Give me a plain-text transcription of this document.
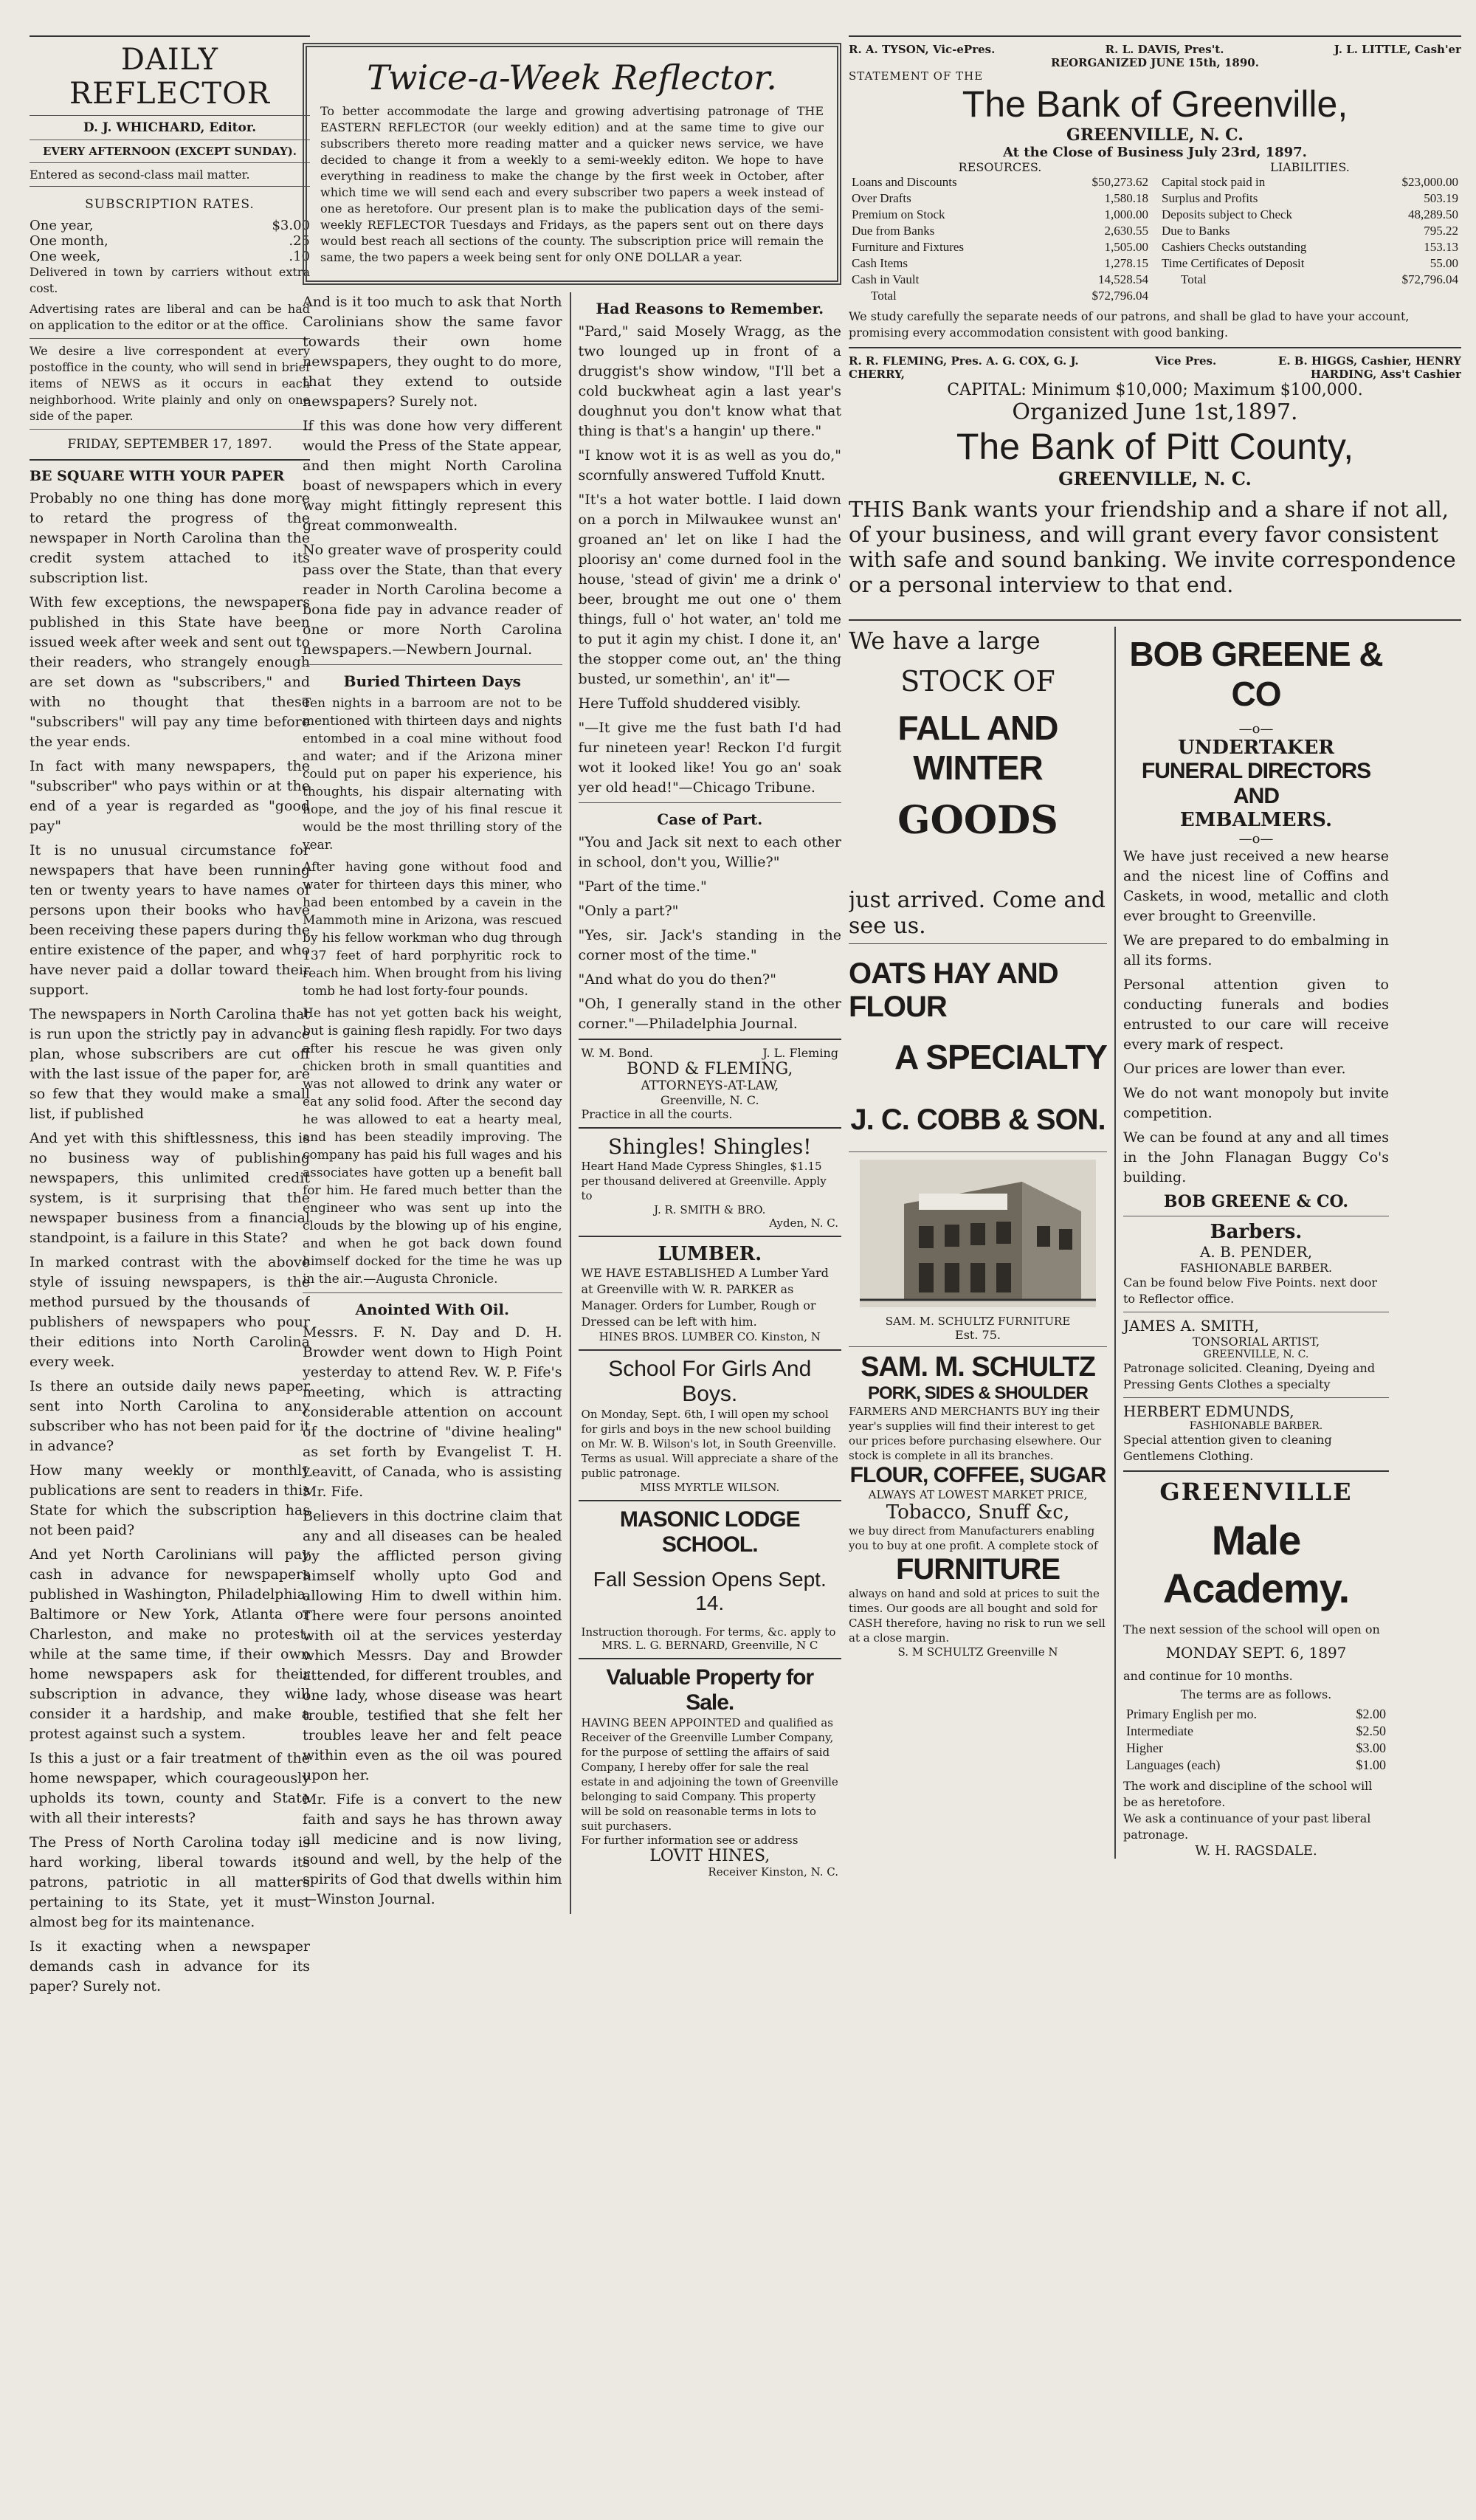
DAILY REFLECTOR
D. J. WHICHARD, Editor.
EVERY AFTERNOON (EXCEPT SUNDAY).
Entered as second-class mail matter.
SUBSCRIPTION RATES.
One year,	$3.00
One month,	.25
One week,	.10

Delivered in town by carriers without extra cost.

Advertising rates are liberal and can be had on application to the editor or at the office.

We desire a live correspondent at every postoffice in the county, who will send in brief items of NEWS as it occurs in each neighborhood. Write plainly and only on one side of the paper.

FRIDAY, SEPTEMBER 17, 1897.
BE SQUARE WITH YOUR PAPER

Probably no one thing has done more to retard the progress of the newspaper in North Carolina than the credit system attached to its subscription list.

With few exceptions, the newspapers published in this State have been issued week after week and sent out to their readers, who strangely enough are set down as "subscribers," and with no thought that these "subscribers" will pay any time before the year ends.

In fact with many newspapers, the "subscriber" who pays within or at the end of a year is regarded as "good pay"

It is no unusual circumstance for newspapers that have been running ten or twenty years to have names of persons upon their books who have been receiving these papers during the entire existence of the paper, and who have never paid a dollar toward their support.

The newspapers in North Carolina that is run upon the strictly pay in advance plan, whose subscribers are cut off with the last issue of the paper for, are so few that they would make a small list, if published

And yet with this shiftlessness, this is no business way of publishing newspapers, this unlimited credit system, is it surprising that the newspaper business from a financial standpoint, is a failure in this State?

In marked contrast with the above style of issuing newspapers, is the method pursued by the thousands of publishers of newspapers who pour their editions into North Carolina every week.

Is there an outside daily news paper sent into North Carolina to any subscriber who has not been paid for it in advance?

How many weekly or monthly publications are sent to readers in this State for which the subscription has not been paid?

And yet North Carolinians will pay cash in advance for newspapers published in Washington, Philadelphia, Baltimore or New York, Atlanta or Charleston, and make no protest, while at the same time, if their own home newspapers ask for their subscription in advance, they will consider it a hardship, and make a protest against such a system.

Is this a just or a fair treatment of the home newspaper, which courageously upholds its town, county and State with all their interests?

The Press of North Carolina today is hard working, liberal towards its patrons, patriotic in all matters pertaining to its State, yet it must almost beg for its maintenance.

Is it exacting when a newspaper demands cash in advance for its paper? Surely not.

Twice-a-Week Reflector.

To better accommodate the large and growing advertising patronage of THE EASTERN REFLECTOR (our weekly edition) and at the same time to give our subscribers thereto more reading matter and a quicker news service, we have decided to change it from a weekly to a semi-weekly editon. We hope to have everything in readiness to make the change by the first week in October, after which time we will send each and every subscriber two papers a week instead of one as heretofore. Our present plan is to make the publication days of the semi-weekly REFLECTOR Tuesdays and Fridays, as the papers sent out on there days would best reach all sections of the county. The subscription price will remain the same, the two papers a week being sent for only ONE DOLLAR a year.

And is it too much to ask that North Carolinians show the same favor towards their own home newspapers, they ought to do more, that they extend to outside newspapers? Surely not.

If this was done how very different would the Press of the State appear, and then might North Carolina boast of newspapers which in every way might fittingly represent this great commonwealth.

No greater wave of prosperity could pass over the State, than that every reader in North Carolina become a bona fide pay in advance reader of one or more North Carolina newspapers.—Newbern Journal.

Buried Thirteen Days

Ten nights in a barroom are not to be mentioned with thirteen days and nights entombed in a coal mine without food and water; and if the Arizona miner could put on paper his experience, his thoughts, his dispair alternating with hope, and the joy of his final rescue it would be the most thrilling story of the year.

After having gone without food and water for thirteen days this miner, who had been entombed by a cavein in the Mammoth mine in Arizona, was rescued by his fellow workman who dug through 137 feet of hard porphyritic rock to reach him. When brought from his living tomb he had lost forty-four pounds.

He has not yet gotten back his weight, but is gaining flesh rapidly. For two days after his rescue he was given only chicken broth in small quantities and was not allowed to drink any water or eat any solid food. After the second day he was allowed to eat a hearty meal, and has been steadily improving. The company has paid his full wages and his associates have gotten up a benefit ball for him. He fared much better than the engineer who was sent up into the clouds by the blowing up of his engine, and when he got back down found himself docked for the time he was up in the air.—Augusta Chronicle.

Anointed With Oil.

Messrs. F. N. Day and D. H. Browder went down to High Point yesterday to attend Rev. W. P. Fife's meeting, which is attracting considerable attention on account of the doctrine of "divine healing" as set forth by Evangelist T. H. Leavitt, of Canada, who is assisting Mr. Fife.

Believers in this doctrine claim that any and all diseases can be healed by the afflicted person giving himself wholly upto God and allowing Him to dwell within him. There were four persons anointed with oil at the services yesterday which Messrs. Day and Browder attended, for different troubles, and one lady, whose disease was heart trouble, testified that she felt her troubles leave her and felt peace within even as the oil was poured upon her.

Mr. Fife is a convert to the new faith and says he has thrown away all medicine and is now living, sound and well, by the help of the spirits of God that dwells within him—Winston Journal.

Had Reasons to Remember.

"Pard," said Mosely Wragg, as the two lounged up in front of a druggist's show window, "I'll bet a cold buckwheat agin a last year's doughnut you don't know what that thing is that's a hangin' up there."

"I know wot it is as well as you do," scornfully answered Tuffold Knutt.

"It's a hot water bottle. I laid down on a porch in Milwaukee wunst an' groaned an' let on like I had the ploorisy an' come durned fool in the house, 'stead of givin' me a drink o' beer, brought me out one o' them things, full o' hot water, an' told me to put it agin my chist. I done it, an' the stopper come out, an' the thing busted, ur somethin', an' it"—

Here Tuffold shuddered visibly.

"—It give me the fust bath I'd had fur nineteen year! Reckon I'd furgit wot it looked like! You go an' soak yer old head!"—Chicago Tribune.

Case of Part.

"You and Jack sit next to each other in school, don't you, Willie?"

"Part of the time."

"Only a part?"

"Yes, sir. Jack's standing in the corner most of the time."

"And what do you do then?"

"Oh, I generally stand in the other corner."—Philadelphia Journal.

W. M. Bond.	J. L. Fleming
BOND & FLEMING,
ATTORNEYS-AT-LAW,
Greenville, N. C.
Practice in all the courts.
Shingles! Shingles!
Heart Hand Made Cypress Shingles, $1.15 per thousand delivered at Greenville. Apply to
J. R. SMITH & BRO.
Ayden, N. C.
LUMBER.
WE HAVE ESTABLISHED A Lumber Yard at Greenville with W. R. PARKER as Manager. Orders for Lumber, Rough or Dressed can be left with him.
HINES BROS. LUMBER CO. Kinston, N
School For Girls And Boys.
On Monday, Sept. 6th, I will open my school for girls and boys in the new school building on Mr. W. B. Wilson's lot, in South Greenville. Terms as usual. Will appreciate a share of the public patronage.
MISS MYRTLE WILSON.
MASONIC LODGE SCHOOL.
Fall Session Opens Sept. 14.
Instruction thorough. For terms, &c. apply to
MRS. L. G. BERNARD, Greenville, N C
Valuable Property for Sale.
HAVING BEEN APPOINTED and qualified as Receiver of the Greenville Lumber Company, for the purpose of settling the affairs of said Company, I hereby offer for sale the real estate in and adjoining the town of Greenville belonging to said Company. This property will be sold on reasonable terms in lots to suit purchasers.
For further information see or address
LOVIT HINES,
Receiver Kinston, N. C.
R. A. TYSON, Vic-ePres.	R. L. DAVIS, Pres't.	J. L. LITTLE, Cash'er
REORGANIZED JUNE 15th, 1890.
STATEMENT OF THE
The Bank of Greenville,
GREENVILLE, N. C.
At the Close of Business July 23rd, 1897.
RESOURCES.
Loans and Discounts	$50,273.62
Over Drafts	1,580.18
Premium on Stock	1,000.00
Due from Banks	2,630.55
Furniture and Fixtures	1,505.00
Cash Items	1,278.15
Cash in Vault	14,528.54
Total	$72,796.04
LIABILITIES.
Capital stock paid in	$23,000.00
Surplus and Profits	503.19
Deposits subject to Check	48,289.50
Due to Banks	795.22
Cashiers Checks outstanding	153.13
Time Certificates of Deposit	55.00
Total	$72,796.04
We study carefully the separate needs of our patrons, and shall be glad to have your account, promising every accommodation consistent with good banking.
R. R. FLEMING, Pres. A. G. COX, G. J. CHERRY,
Vice Pres.	E. B. HIGGS, Cashier, HENRY HARDING, Ass't Cashier
CAPITAL: Minimum $10,000; Maximum $100,000.
Organized June 1st,1897.
The Bank of Pitt County,
GREENVILLE, N. C.
THIS Bank wants your friendship and a share if not all, of your business, and will grant every favor consistent with safe and sound banking. We invite correspondence or a personal interview to that end.
We have a large
STOCK OF
FALL AND WINTER
GOODS
just arrived. Come and see us.
OATS HAY AND FLOUR
A SPECIALTY
J. C. COBB & SON.
SAM. M. SCHULTZ FURNITURE
Est. 75.
SAM. M. SCHULTZ
PORK, SIDES & SHOULDER
FARMERS AND MERCHANTS BUY ing their year's supplies will find their interest to get our prices before purchasing elsewhere. Our stock is complete in all its branches.
FLOUR, COFFEE, SUGAR
ALWAYS AT LOWEST MARKET PRICE,
Tobacco, Snuff &c,
we buy direct from Manufacturers enabling you to buy at one profit. A complete stock of
FURNITURE
always on hand and sold at prices to suit the times. Our goods are all bought and sold for CASH therefore, having no risk to run we sell at a close margin.
S. M SCHULTZ Greenville N
BOB GREENE & CO
—o—
UNDERTAKER
FUNERAL DIRECTORS AND
EMBALMERS.
—o—

We have just received a new hearse and the nicest line of Coffins and Caskets, in wood, metallic and cloth ever brought to Greenville.

We are prepared to do embalming in all its forms.

Personal attention given to conducting funerals and bodies entrusted to our care will receive every mark of respect.

Our prices are lower than ever.

We do not want monopoly but invite competition.

We can be found at any and all times in the John Flanagan Buggy Co's building.

BOB GREENE & CO.
Barbers.
A. B. PENDER,
FASHIONABLE BARBER.
Can be found below Five Points. next door to Reflector office.
JAMES A. SMITH,
TONSORIAL ARTIST,
GREENVILLE, N. C.
Patronage solicited. Cleaning, Dyeing and Pressing Gents Clothes a specialty
HERBERT EDMUNDS,
FASHIONABLE BARBER.
Special attention given to cleaning Gentlemens Clothing.
GREENVILLE
Male Academy.
The next session of the school will open on
MONDAY SEPT. 6, 1897
and continue for 10 months.
The terms are as follows.
Primary English per mo.	$2.00
Intermediate	$2.50
Higher	$3.00
Languages (each)	$1.00
The work and discipline of the school will be as heretofore.
We ask a continuance of your past liberal patronage.
W. H. RAGSDALE.
